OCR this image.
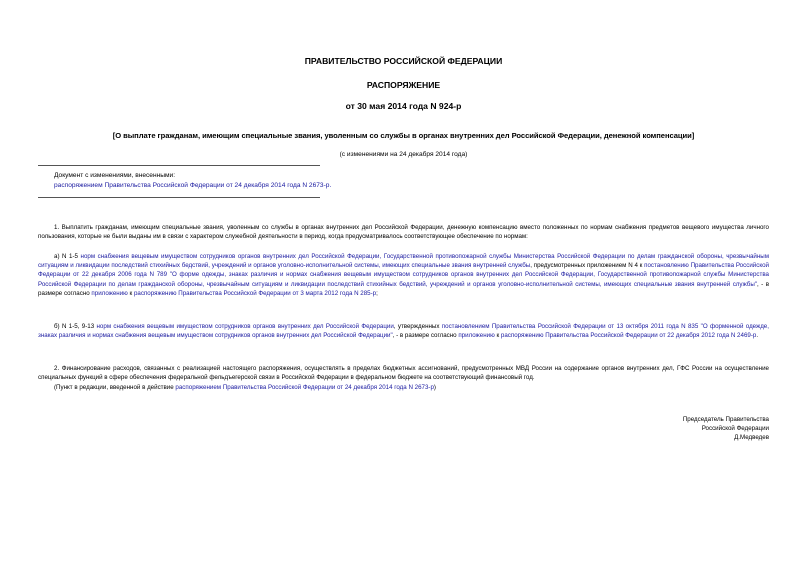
ПРАВИТЕЛЬСТВО РОССИЙСКОЙ ФЕДЕРАЦИИ
РАСПОРЯЖЕНИЕ
от 30 мая 2014 года N 924-р
[О выплате гражданам, имеющим специальные звания, уволенным со службы в органах внутренних дел Российской Федерации, денежной компенсации]
(с изменениями на 24 декабря 2014 года)
Документ с изменениями, внесенными:
распоряжением Правительства Российской Федерации от 24 декабря 2014 года N 2673-р.
1. Выплатить гражданам, имеющим специальные звания, уволенным со службы в органах внутренних дел Российской Федерации, денежную компенсацию вместо положенных по нормам снабжения предметов вещевого имущества личного пользования, которые не были выданы им в связи с характером служебной деятельности в период, когда предусматривалось соответствующее обеспечение по нормам:
а) N 1-5 норм снабжения вещевым имуществом сотрудников органов внутренних дел Российской Федерации, Государственной противопожарной службы Министерства Российской Федерации по делам гражданской обороны, чрезвычайным ситуациям и ликвидации последствий стихийных бедствий, учреждений и органов уголовно-исполнительной системы, имеющих специальные звания внутренней службы, предусмотренных приложением N 4 к постановлению Правительства Российской Федерации от 22 декабря 2006 года N 789 "О форме одежды, знаках различия и нормах снабжения вещевым имуществом сотрудников органов внутренних дел Российской Федерации, Государственной противопожарной службы Министерства Российской Федерации по делам гражданской обороны, чрезвычайным ситуациям и ликвидации последствий стихийных бедствий, учреждений и органов уголовно-исполнительной системы, имеющих специальные звания внутренней службы", - в размере согласно приложению к распоряжению Правительства Российской Федерации от 3 марта 2012 года N 285-р;
б) N 1-5, 9-13 норм снабжения вещевым имуществом сотрудников органов внутренних дел Российской Федерации, утвержденных постановлением Правительства Российской Федерации от 13 октября 2011 года N 835 "О форменной одежде, знаках различия и нормах снабжения вещевым имуществом сотрудников органов внутренних дел Российской Федерации", - в размере согласно приложению к распоряжению Правительства Российской Федерации от 22 декабря 2012 года N 2469-р.
2. Финансирование расходов, связанных с реализацией настоящего распоряжения, осуществлять в пределах бюджетных ассигнований, предусмотренных МВД России на содержание органов внутренних дел, ГФС России на осуществление специальных функций в сфере обеспечения федеральной фельдъегерской связи в Российской Федерации в федеральном бюджете на соответствующий финансовый год.
(Пункт в редакции, введенной в действие распоряжением Правительства Российской Федерации от 24 декабря 2014 года N 2673-р)
Председатель Правительства
Российской Федерации
Д.Медведев
